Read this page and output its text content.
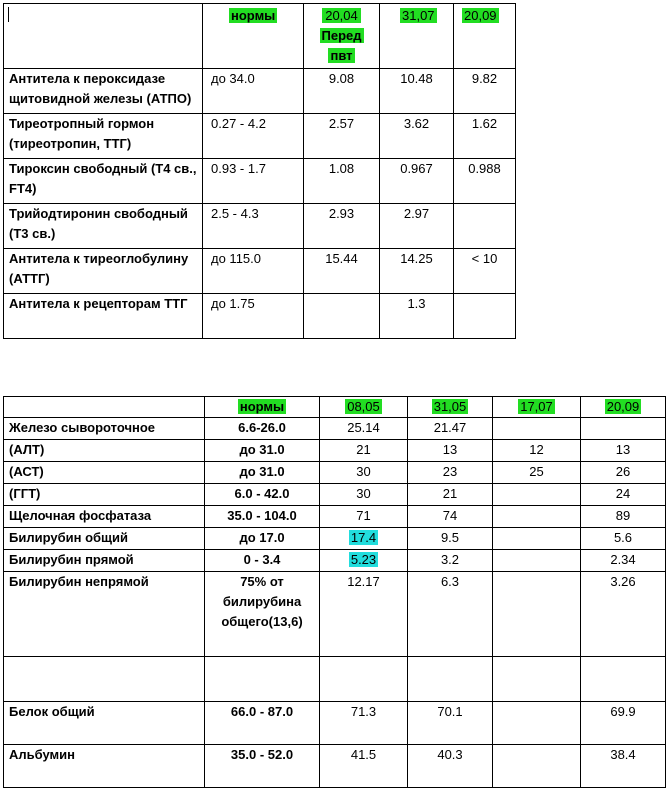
	нормы	20,04
Перед
пвт	31,07	20,09

Антитела к пероксидазе щитовидной железы (АТПО)	до 34.0	9.08	10.48	9.82
Тиреотропный гормон (тиреотропин, ТТГ)	0.27 - 4.2	2.57	3.62	1.62
Тироксин свободный (Т4 св., FT4)	0.93 - 1.7	1.08	0.967	0.988
Трийодтиронин свободный (Т3 св.)	2.5 - 4.3	2.93	2.97	
Антитела к тиреоглобулину (АТТГ)	до 115.0	15.44	14.25	< 10
Антитела к рецепторам ТТГ	до 1.75		1.3	
	нормы	08,05	31,05	17,07	20,09
Железо сывороточное	6.6-26.0	25.14	21.47		
(АЛТ)	до 31.0	21	13	12	13
(АСТ)	до 31.0	30	23	25	26
(ГГТ)	6.0 - 42.0	30	21		24
Щелочная фосфатаза	35.0 - 104.0	71	74		89
Билирубин общий	до 17.0	17.4	9.5		5.6
Билирубин прямой	0 - 3.4	5.23	3.2		2.34
Билирубин непрямой	75% от билирубина общего(13,6)	12.17	6.3		3.26

Белок общий	66.0 - 87.0	71.3	70.1		69.9
Альбумин	35.0 - 52.0	41.5	40.3		38.4
